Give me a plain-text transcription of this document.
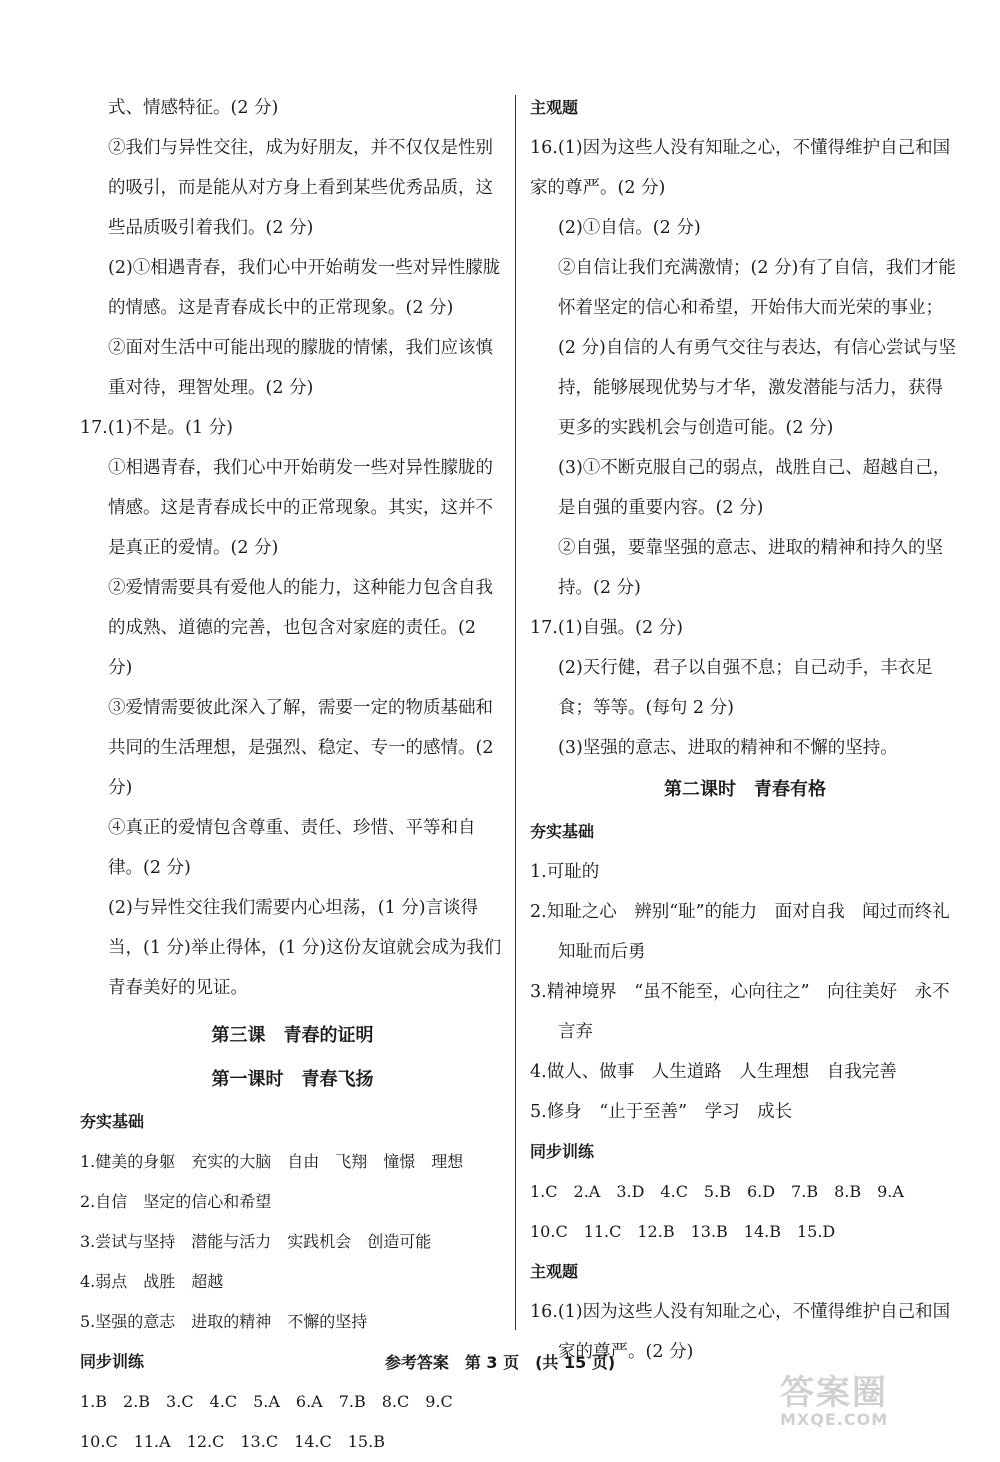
式、情感特征。(2 分)

②我们与异性交往，成为好朋友，并不仅仅是性别的吸引，而是能从对方身上看到某些优秀品质，这些品质吸引着我们。(2 分)

(2)①相遇青春，我们心中开始萌发一些对异性朦胧的情感。这是青春成长中的正常现象。(2 分)

②面对生活中可能出现的朦胧的情愫，我们应该慎重对待，理智处理。(2 分)

17.(1)不是。(1 分)

①相遇青春，我们心中开始萌发一些对异性朦胧的情感。这是青春成长中的正常现象。其实，这并不是真正的爱情。(2 分)

②爱情需要具有爱他人的能力，这种能力包含自我的成熟、道德的完善，也包含对家庭的责任。(2 分)

③爱情需要彼此深入了解，需要一定的物质基础和共同的生活理想，是强烈、稳定、专一的感情。(2 分)

④真正的爱情包含尊重、责任、珍惜、平等和自律。(2 分)

(2)与异性交往我们需要内心坦荡，(1 分)言谈得当，(1 分)举止得体，(1 分)这份友谊就会成为我们青春美好的见证。

第三课　青春的证明

第一课时　青春飞扬

夯实基础

1.健美的身躯　充实的大脑　自由　飞翔　憧憬　理想

2.自信　坚定的信心和希望

3.尝试与坚持　潜能与活力　实践机会　创造可能

4.弱点　战胜　超越

5.坚强的意志　进取的精神　不懈的坚持

同步训练

1.B　2.B　3.C　4.C　5.A　6.A　7.B　8.C　9.C

10.C　11.A　12.C　13.C　14.C　15.B

主观题

16.(1)因为这些人没有知耻之心，不懂得维护自己和国家的尊严。(2 分)

(2)①自信。(2 分)

②自信让我们充满激情；(2 分)有了自信，我们才能怀着坚定的信心和希望，开始伟大而光荣的事业；(2 分)自信的人有勇气交往与表达，有信心尝试与坚持，能够展现优势与才华，激发潜能与活力，获得更多的实践机会与创造可能。(2 分)

(3)①不断克服自己的弱点，战胜自己、超越自己，是自强的重要内容。(2 分)

②自强，要靠坚强的意志、进取的精神和持久的坚持。(2 分)

17.(1)自强。(2 分)

(2)天行健，君子以自强不息；自己动手，丰衣足食；等等。(每句 2 分)

(3)坚强的意志、进取的精神和不懈的坚持。

第二课时　青春有格

夯实基础

1.可耻的

2.知耻之心　辨别“耻”的能力　面对自我　闻过而终礼　知耻而后勇

3.精神境界　“虽不能至，心向往之”　向往美好　永不言弃

4.做人、做事　人生道路　人生理想　自我完善

5.修身　“止于至善”　学习　成长

同步训练

1.C　2.A　3.D　4.C　5.B　6.D　7.B　8.B　9.A

10.C　11.C　12.B　13.B　14.B　15.D

主观题

16.(1)因为这些人没有知耻之心，不懂得维护自己和国家的尊严。(2 分)

参考答案　第 3 页　(共 15 页)
答案圈
MXQE.COM
